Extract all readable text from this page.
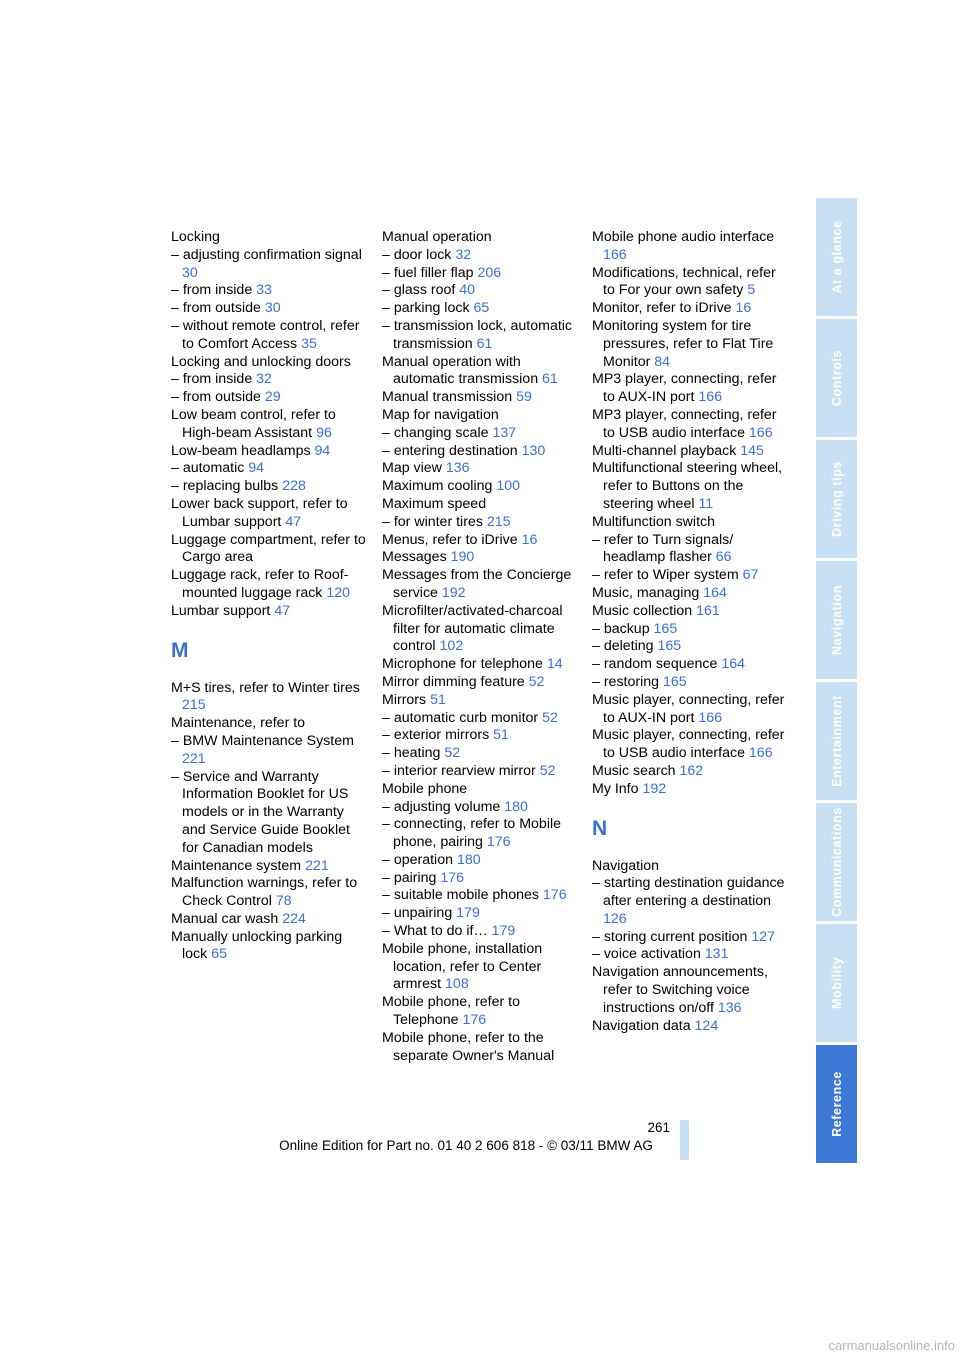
Locking

– adjusting confirmation signal 30

– from inside 33

– from outside 30

– without remote control, refer to Comfort Access 35

Locking and unlocking doors

– from inside 32

– from outside 29

Low beam control, refer to High-beam Assistant 96

Low-beam headlamps 94

– automatic 94

– replacing bulbs 228

Lower back support, refer to Lumbar support 47

Luggage compartment, refer to Cargo area

Luggage rack, refer to Roof-mounted luggage rack 120

Lumbar support 47

M

M+S tires, refer to Winter tires 215

Maintenance, refer to

– BMW Maintenance System 221

– Service and Warranty Information Booklet for US models or in the Warranty and Service Guide Booklet for Canadian models

Maintenance system 221

Malfunction warnings, refer to Check Control 78

Manual car wash 224

Manually unlocking parking lock 65

Manual operation

– door lock 32

– fuel filler flap 206

– glass roof 40

– parking lock 65

– transmission lock, automatic transmission 61

Manual operation with automatic transmission 61

Manual transmission 59

Map for navigation

– changing scale 137

– entering destination 130

Map view 136

Maximum cooling 100

Maximum speed

– for winter tires 215

Menus, refer to iDrive 16

Messages 190

Messages from the Concierge service 192

Microfilter/activated-charcoal filter for automatic climate control 102

Microphone for telephone 14

Mirror dimming feature 52

Mirrors 51

– automatic curb monitor 52

– exterior mirrors 51

– heating 52

– interior rearview mirror 52

Mobile phone

– adjusting volume 180

– connecting, refer to Mobile phone, pairing 176

– operation 180

– pairing 176

– suitable mobile phones 176

– unpairing 179

– What to do if… 179

Mobile phone, installation location, refer to Center armrest 108

Mobile phone, refer to Telephone 176

Mobile phone, refer to the separate Owner's Manual

Mobile phone audio interface 166

Modifications, technical, refer to For your own safety 5

Monitor, refer to iDrive 16

Monitoring system for tire pressures, refer to Flat Tire Monitor 84

MP3 player, connecting, refer to AUX-IN port 166

MP3 player, connecting, refer to USB audio interface 166

Multi-channel playback 145

Multifunctional steering wheel, refer to Buttons on the steering wheel 11

Multifunction switch

– refer to Turn signals/ headlamp flasher 66

– refer to Wiper system 67

Music, managing 164

Music collection 161

– backup 165

– deleting 165

– random sequence 164

– restoring 165

Music player, connecting, refer to AUX-IN port 166

Music player, connecting, refer to USB audio interface 166

Music search 162

My Info 192

N

Navigation

– starting destination guidance after entering a destination 126

– storing current position 127

– voice activation 131

Navigation announcements, refer to Switching voice instructions on/off 136

Navigation data 124

At a glance
Controls
Driving tips
Navigation
Entertainment
Communications
Mobility
Reference
261
Online Edition for Part no. 01 40 2 606 818 - © 03/11 BMW AG
carmanualsonline.info
